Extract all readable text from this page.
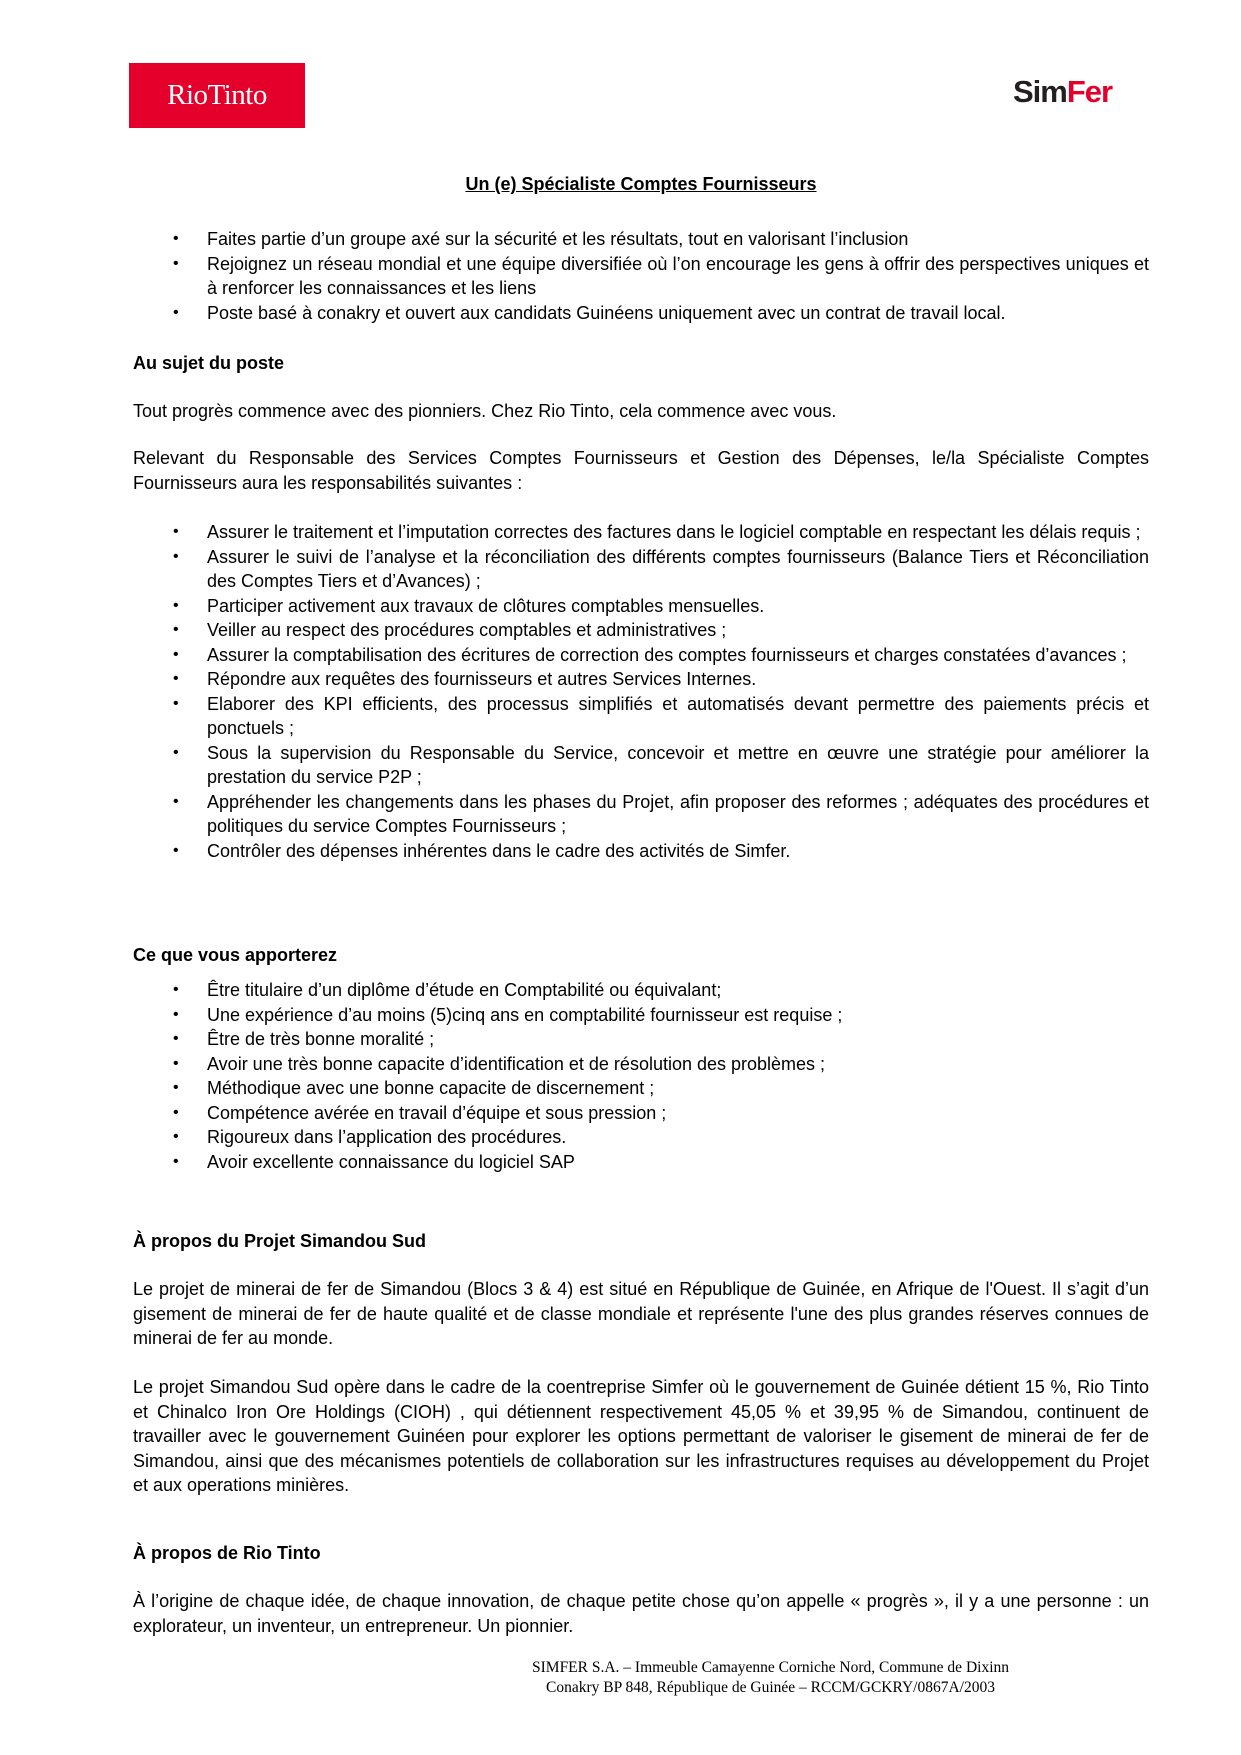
RioTinto	SimFer
Un (e) Spécialiste Comptes Fournisseurs
• Faites partie d’un groupe axé sur la sécurité et les résultats, tout en valorisant l’inclusion
• Rejoignez un réseau mondial et une équipe diversifiée où l’on encourage les gens à offrir des perspectives uniques et à renforcer les connaissances et les liens
• Poste basé à conakry et ouvert aux candidats Guinéens uniquement avec un contrat de travail local.
Au sujet du poste
Tout progrès commence avec des pionniers. Chez Rio Tinto, cela commence avec vous.
Relevant du Responsable des Services Comptes Fournisseurs et Gestion des Dépenses, le/la Spécialiste Comptes Fournisseurs aura les responsabilités suivantes :
• Assurer le traitement et l’imputation correctes des factures dans le logiciel comptable en respectant les délais requis ;
• Assurer le suivi de l’analyse et la réconciliation des différents comptes fournisseurs (Balance Tiers et Réconciliation des Comptes Tiers et d’Avances) ;
• Participer activement aux travaux de clôtures comptables mensuelles.
• Veiller au respect des procédures comptables et administratives ;
• Assurer la comptabilisation des écritures de correction des comptes fournisseurs et charges constatées d’avances ;
• Répondre aux requêtes des fournisseurs et autres Services Internes.
• Elaborer des KPI efficients, des processus simplifiés et automatisés devant permettre des paiements précis et ponctuels ;
• Sous la supervision du Responsable du Service, concevoir et mettre en œuvre une stratégie pour améliorer la prestation du service P2P ;
• Appréhender les changements dans les phases du Projet, afin proposer des reformes ; adéquates des procédures et politiques du service Comptes Fournisseurs ;
• Contrôler des dépenses inhérentes dans le cadre des activités de Simfer.
Ce que vous apporterez
• Être titulaire d’un diplôme d’étude en Comptabilité ou équivalant;
• Une expérience d’au moins (5)cinq ans en comptabilité fournisseur est requise ;
• Être de très bonne moralité ;
• Avoir une très bonne capacite d’identification et de résolution des problèmes ;
• Méthodique avec une bonne capacite de discernement ;
• Compétence avérée en travail d’équipe et sous pression ;
• Rigoureux dans l’application des procédures.
• Avoir excellente connaissance du logiciel SAP
À propos du Projet Simandou Sud
Le projet de minerai de fer de Simandou (Blocs 3 & 4) est situé en République de Guinée, en Afrique de l'Ouest. Il s’agit d’un gisement de minerai de fer de haute qualité et de classe mondiale et représente l'une des plus grandes réserves connues de minerai de fer au monde.
Le projet Simandou Sud opère dans le cadre de la coentreprise Simfer où le gouvernement de Guinée détient 15 %, Rio Tinto et Chinalco Iron Ore Holdings (CIOH) , qui détiennent respectivement 45,05 % et 39,95 % de Simandou, continuent de travailler avec le gouvernement Guinéen pour explorer les options permettant de valoriser le gisement de minerai de fer de Simandou, ainsi que des mécanismes potentiels de collaboration sur les infrastructures requises au développement du Projet et aux operations minières.
À propos de Rio Tinto
À l’origine de chaque idée, de chaque innovation, de chaque petite chose qu’on appelle « progrès », il y a une personne : un explorateur, un inventeur, un entrepreneur. Un pionnier.
SIMFER S.A. – Immeuble Camayenne Corniche Nord, Commune de Dixinn
Conakry BP 848, République de Guinée – RCCM/GCKRY/0867A/2003
